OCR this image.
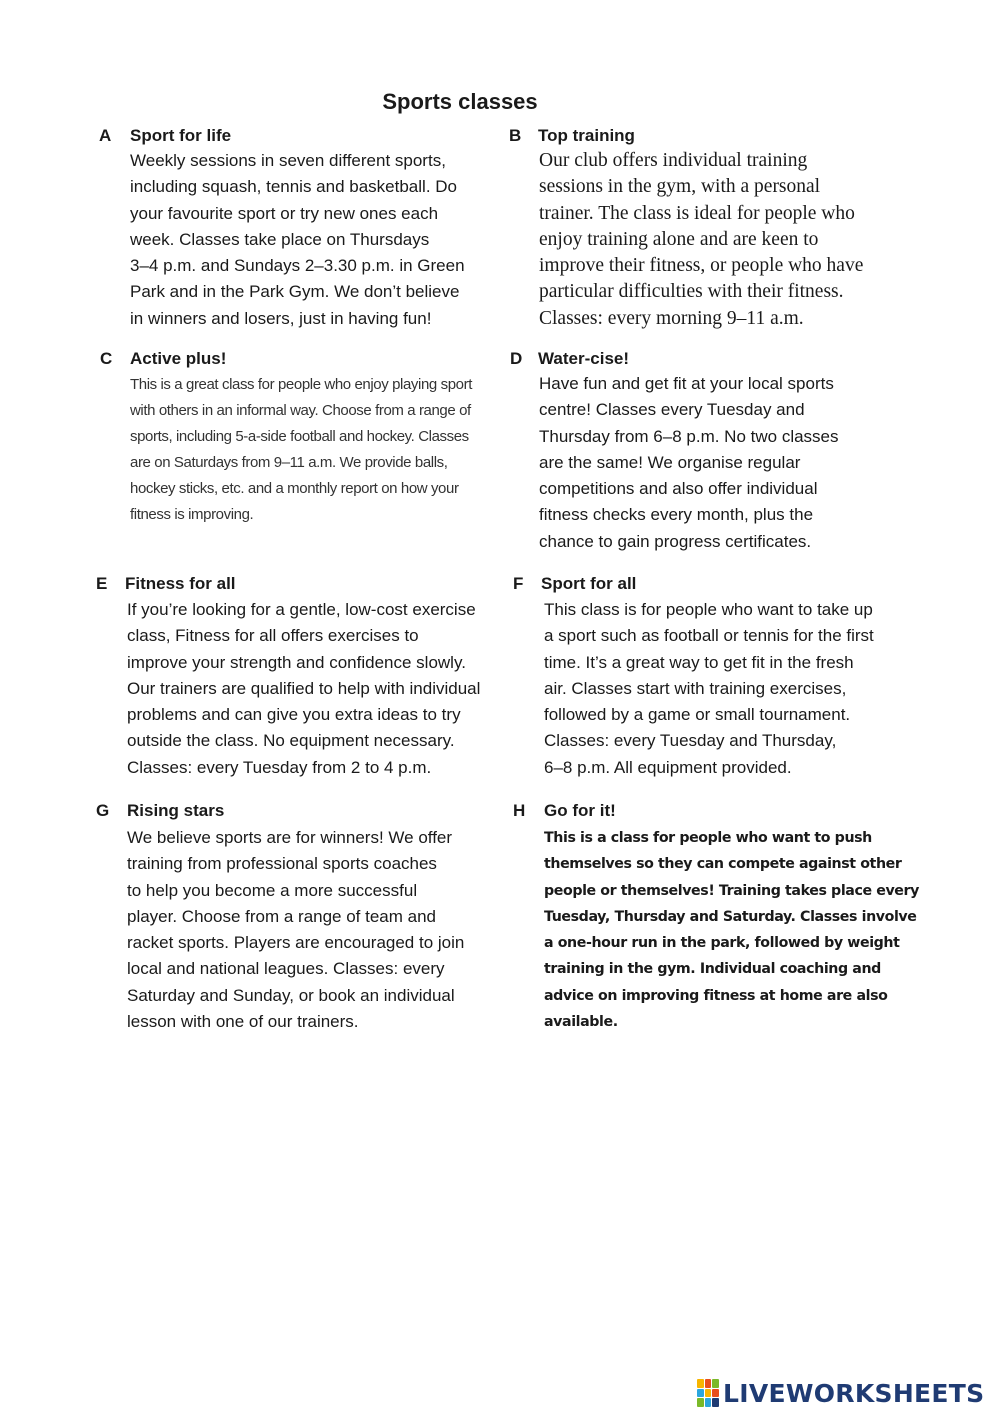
Sports classes
A Sport for life
Weekly sessions in seven different sports,
including squash, tennis and basketball. Do
your favourite sport or try new ones each
week. Classes take place on Thursdays
3–4 p.m. and Sundays 2–3.30 p.m. in Green
Park and in the Park Gym. We don’t believe
in winners and losers, just in having fun!
B Top training
Our club offers individual training
sessions in the gym, with a personal
trainer. The class is ideal for people who
enjoy training alone and are keen to
improve their fitness, or people who have
particular difficulties with their fitness.
Classes: every morning 9–11 a.m.
C Active plus!
This is a great class for people who enjoy playing sport
with others in an informal way. Choose from a range of
sports, including 5-a-side football and hockey. Classes
are on Saturdays from 9–11 a.m. We provide balls,
hockey sticks, etc. and a monthly report on how your
fitness is improving.
D Water-cise!
Have fun and get fit at your local sports
centre! Classes every Tuesday and
Thursday from 6–8 p.m. No two classes
are the same! We organise regular
competitions and also offer individual
fitness checks every month, plus the
chance to gain progress certificates.
E Fitness for all
If you’re looking for a gentle, low-cost exercise
class, Fitness for all offers exercises to
improve your strength and confidence slowly.
Our trainers are qualified to help with individual
problems and can give you extra ideas to try
outside the class. No equipment necessary.
Classes: every Tuesday from 2 to 4 p.m.
F Sport for all
This class is for people who want to take up
a sport such as football or tennis for the first
time. It’s a great way to get fit in the fresh
air. Classes start with training exercises,
followed by a game or small tournament.
Classes: every Tuesday and Thursday,
6–8 p.m. All equipment provided.
G Rising stars
We believe sports are for winners! We offer
training from professional sports coaches
to help you become a more successful
player. Choose from a range of team and
racket sports. Players are encouraged to join
local and national leagues. Classes: every
Saturday and Sunday, or book an individual
lesson with one of our trainers.
H Go for it!
This is a class for people who want to push
themselves so they can compete against other
people or themselves! Training takes place every
Tuesday, Thursday and Saturday. Classes involve
a one-hour run in the park, followed by weight
training in the gym. Individual coaching and
advice on improving fitness at home are also
available.
LIVEWORKSHEETS
